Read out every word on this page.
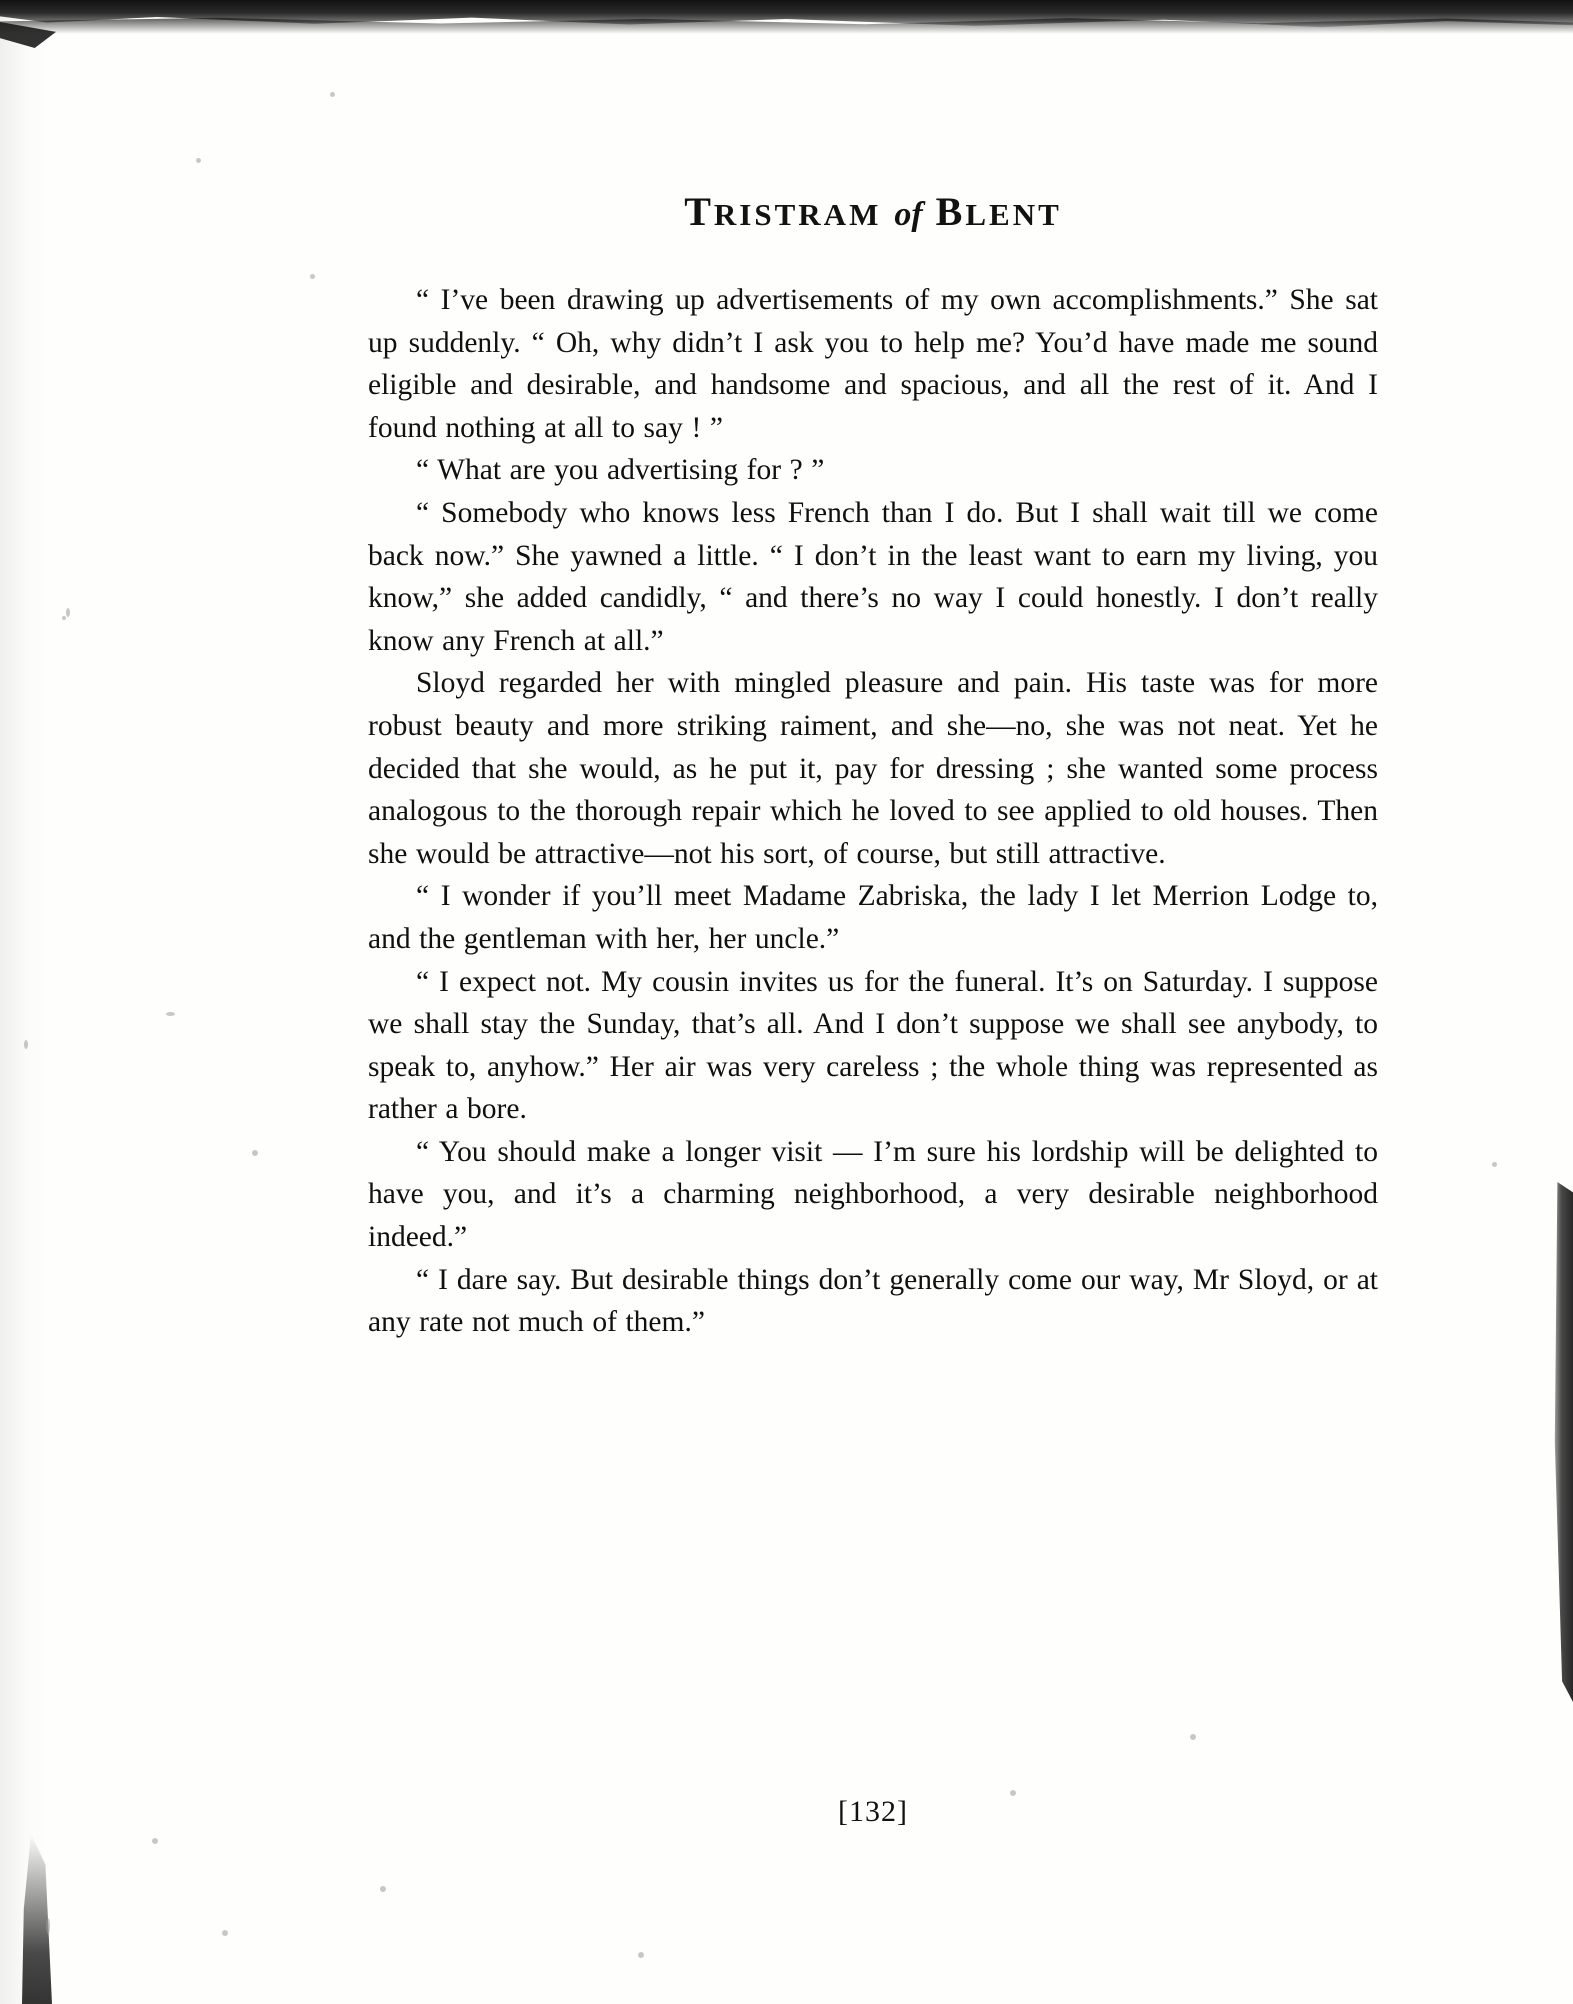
TRISTRAM of BLENT

“ I’ve been drawing up advertisements of my own accomplishments.” She sat up suddenly. “ Oh, why didn’t I ask you to help me? You’d have made me sound eligible and desirable, and handsome and spacious, and all the rest of it. And I found nothing at all to say ! ”

“ What are you advertising for ? ”

“ Somebody who knows less French than I do. But I shall wait till we come back now.” She yawned a little. “ I don’t in the least want to earn my living, you know,” she added candidly, “ and there’s no way I could honestly. I don’t really know any French at all.”

Sloyd regarded her with mingled pleasure and pain. His taste was for more robust beauty and more striking raiment, and she—no, she was not neat. Yet he decided that she would, as he put it, pay for dressing ; she wanted some process analogous to the thorough repair which he loved to see applied to old houses. Then she would be attractive—not his sort, of course, but still attractive.

“ I wonder if you’ll meet Madame Zabriska, the lady I let Merrion Lodge to, and the gentleman with her, her uncle.”

“ I expect not. My cousin invites us for the funeral. It’s on Saturday. I suppose we shall stay the Sunday, that’s all. And I don’t suppose we shall see anybody, to speak to, anyhow.” Her air was very careless ; the whole thing was represented as rather a bore.

“ You should make a longer visit — I’m sure his lordship will be delighted to have you, and it’s a charming neighborhood, a very desirable neighborhood indeed.”

“ I dare say. But desirable things don’t generally come our way, Mr Sloyd, or at any rate not much of them.”

[132]
